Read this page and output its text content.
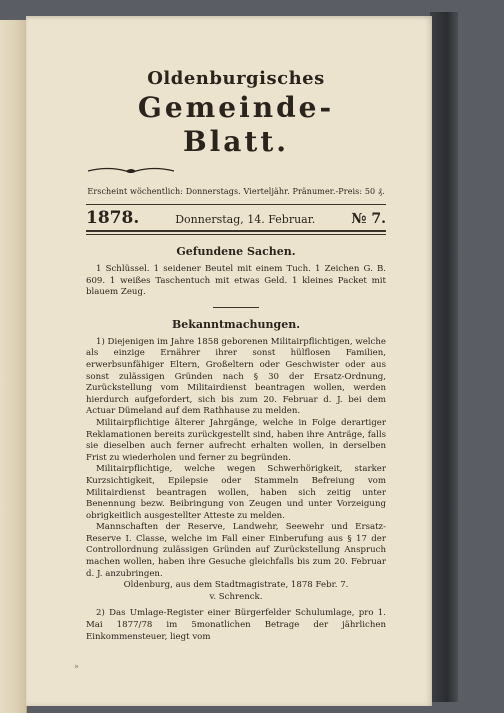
Oldenburgisches
Gemeinde-Blatt.
Erscheint wöchentlich: Donnerstags. Vierteljähr. Pränumer.-Preis: 50 ₰.
1878.	Donnerstag, 14. Februar.	№ 7.
Gefundene Sachen.

1 Schlüssel. 1 seidener Beutel mit einem Tuch. 1 Zeichen G. B. 609. 1 weißes Taschentuch mit etwas Geld. 1 kleines Packet mit blauem Zeug.

Bekanntmachungen.

1) Diejenigen im Jahre 1858 geborenen Militairpflichtigen, welche als einzige Ernährer ihrer sonst hülflosen Familien, erwerbsunfähiger Eltern, Großeltern oder Geschwister oder aus sonst zulässigen Gründen nach § 30 der Ersatz-Ordnung, Zurückstellung vom Militairdienst beantragen wollen, werden hierdurch aufgefordert, sich bis zum 20. Februar d. J. bei dem Actuar Dümeland auf dem Rathhause zu melden.

Militairpflichtige älterer Jahrgänge, welche in Folge derartiger Reklamationen bereits zurückgestellt sind, haben ihre Anträge, falls sie dieselben auch ferner aufrecht erhalten wollen, in derselben Frist zu wiederholen und ferner zu begründen.

Militairpflichtige, welche wegen Schwerhörigkeit, starker Kurzsichtigkeit, Epilepsie oder Stammeln Befreiung vom Militairdienst beantragen wollen, haben sich zeitig unter Benennung bezw. Beibringung von Zeugen und unter Vorzeigung obrigkeitlich ausgestellter Atteste zu melden.

Mannschaften der Reserve, Landwehr, Seewehr und Ersatz-Reserve I. Classe, welche im Fall einer Einberufung aus § 17 der Controllordnung zulässigen Gründen auf Zurückstellung Anspruch machen wollen, haben ihre Gesuche gleichfalls bis zum 20. Februar d. J. anzubringen.

Oldenburg, aus dem Stadtmagistrate, 1878 Febr. 7.

v. Schrenck.

2) Das Umlage-Register einer Bürgerfelder Schulumlage, pro 1. Mai 1877/78 im 5monatlichen Betrage der jährlichen Einkommensteuer, liegt vom

»
